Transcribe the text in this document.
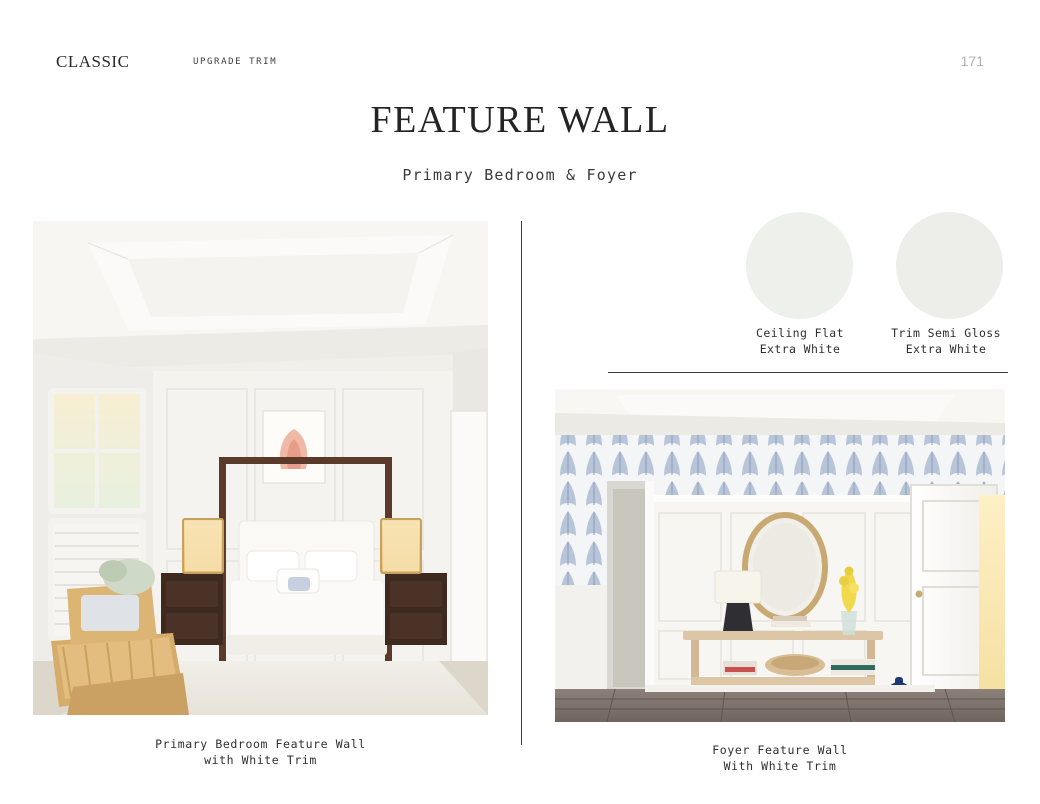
CLASSIC	UPGRADE TRIM	171
FEATURE WALL
Primary Bedroom & Foyer
Primary Bedroom Feature Wall
with White Trim
Ceiling Flat
Extra White
Trim Semi Gloss
Extra White
Foyer Feature Wall
With White Trim
